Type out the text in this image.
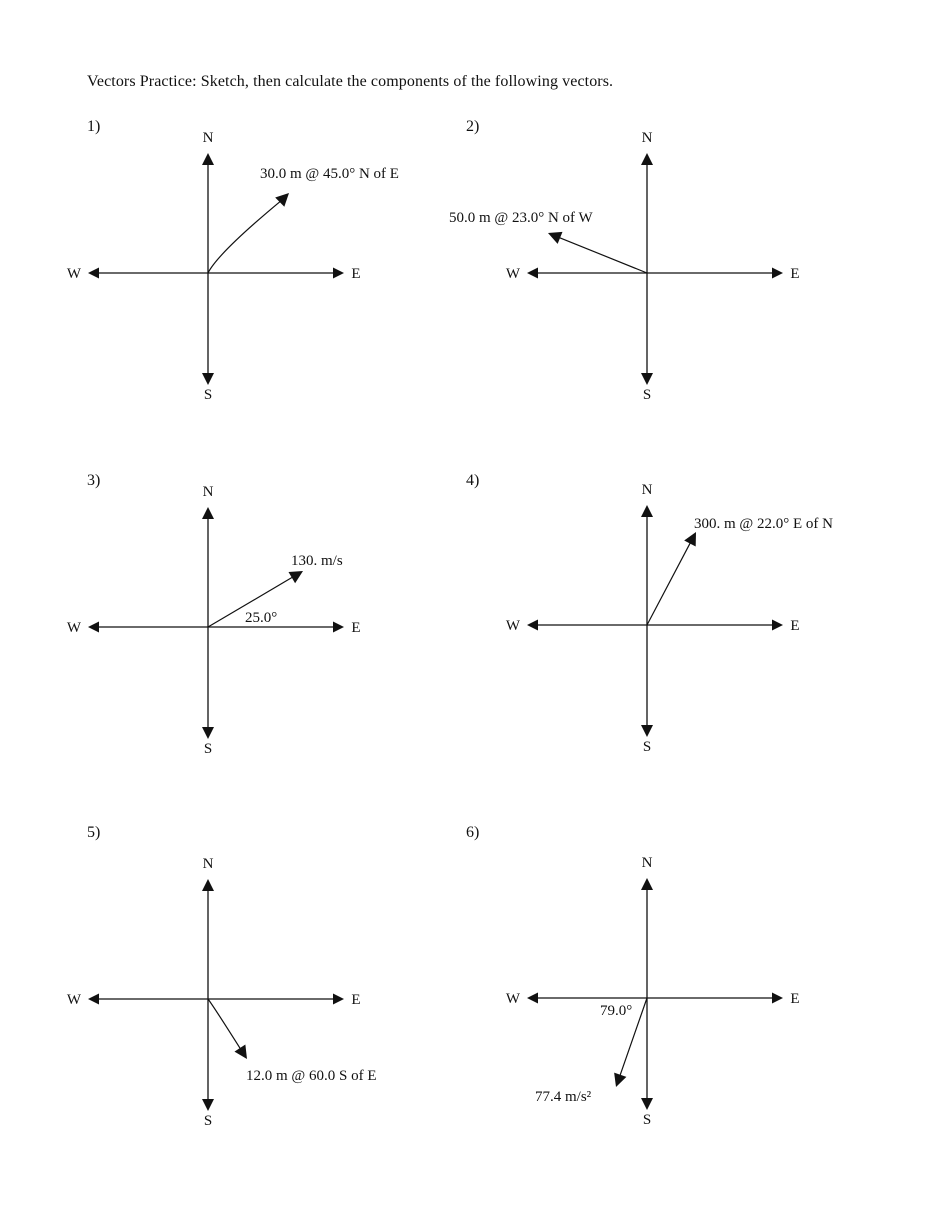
Vectors Practice: Sketch, then calculate the components of the following vectors.
1)
N
S
E
W
30.0 m @ 45.0° N of E
2)
N
S
E
W
50.0 m @ 23.0° N of W
3)
N
S
E
W
130. m/s
25.0°
4)
N
S
E
W
300. m @ 22.0° E of N
5)
N
S
E
W
12.0 m @ 60.0 S of E
6)
N
S
E
W
77.4 m/s²
79.0°
